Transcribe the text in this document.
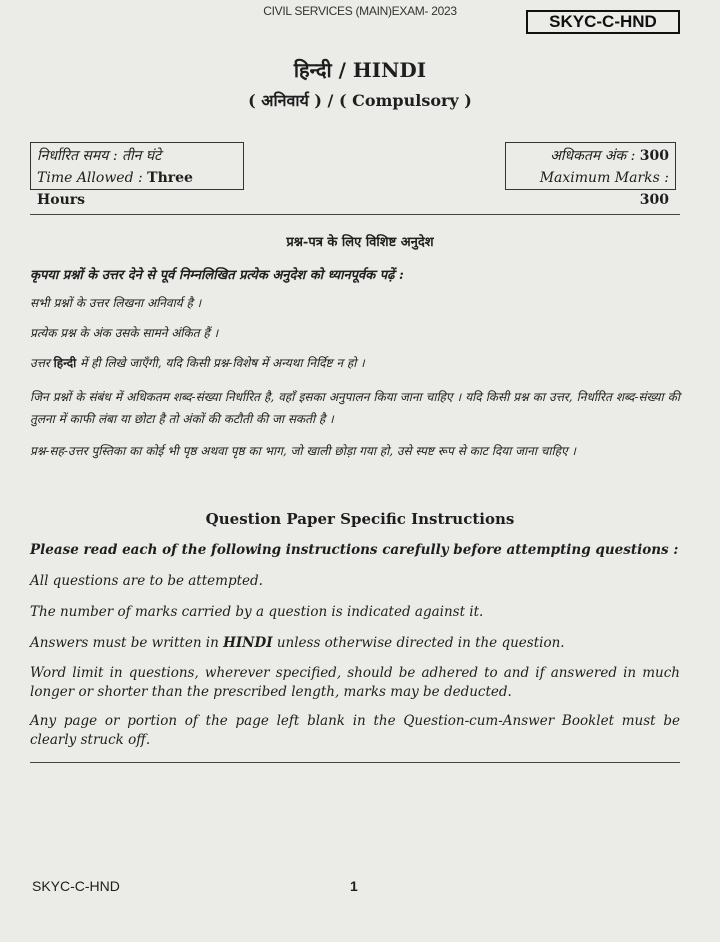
CIVIL SERVICES (MAIN)EXAM- 2023
SKYC-C-HND
हिन्दी / HINDI
( अनिवार्य ) / ( Compulsory )
निर्धारित समय : तीन घंटे
Time Allowed : Three Hours
अधिकतम अंक : 300
Maximum Marks : 300
प्रश्न-पत्र के लिए विशिष्ट अनुदेश
कृपया प्रश्नों के उत्तर देने से पूर्व निम्नलिखित प्रत्येक अनुदेश को ध्यानपूर्वक पढ़ें :
सभी प्रश्नों के उत्तर लिखना अनिवार्य है ।
प्रत्येक प्रश्न के अंक उसके सामने अंकित हैं ।
उत्तर हिन्दी में ही लिखे जाएँगी, यदि किसी प्रश्न-विशेष में अन्यथा निर्दिष्ट न हो ।
जिन प्रश्नों के संबंध में अधिकतम शब्द-संख्या निर्धारित है, वहाँ इसका अनुपालन किया जाना चाहिए । यदि किसी प्रश्न का उत्तर, निर्धारित शब्द-संख्या की तुलना में काफी लंबा या छोटा है तो अंकों की कटौती की जा सकती है ।
प्रश्न-सह-उत्तर पुस्तिका का कोई भी पृष्ठ अथवा पृष्ठ का भाग, जो खाली छोड़ा गया हो, उसे स्पष्ट रूप से काट दिया जाना चाहिए ।
Question Paper Specific Instructions
Please read each of the following instructions carefully before attempting questions :
All questions are to be attempted.
The number of marks carried by a question is indicated against it.
Answers must be written in HINDI unless otherwise directed in the question.
Word limit in questions, wherever specified, should be adhered to and if answered in much longer or shorter than the prescribed length, marks may be deducted.
Any page or portion of the page left blank in the Question-cum-Answer Booklet must be clearly struck off.
SKYC-C-HND	1
